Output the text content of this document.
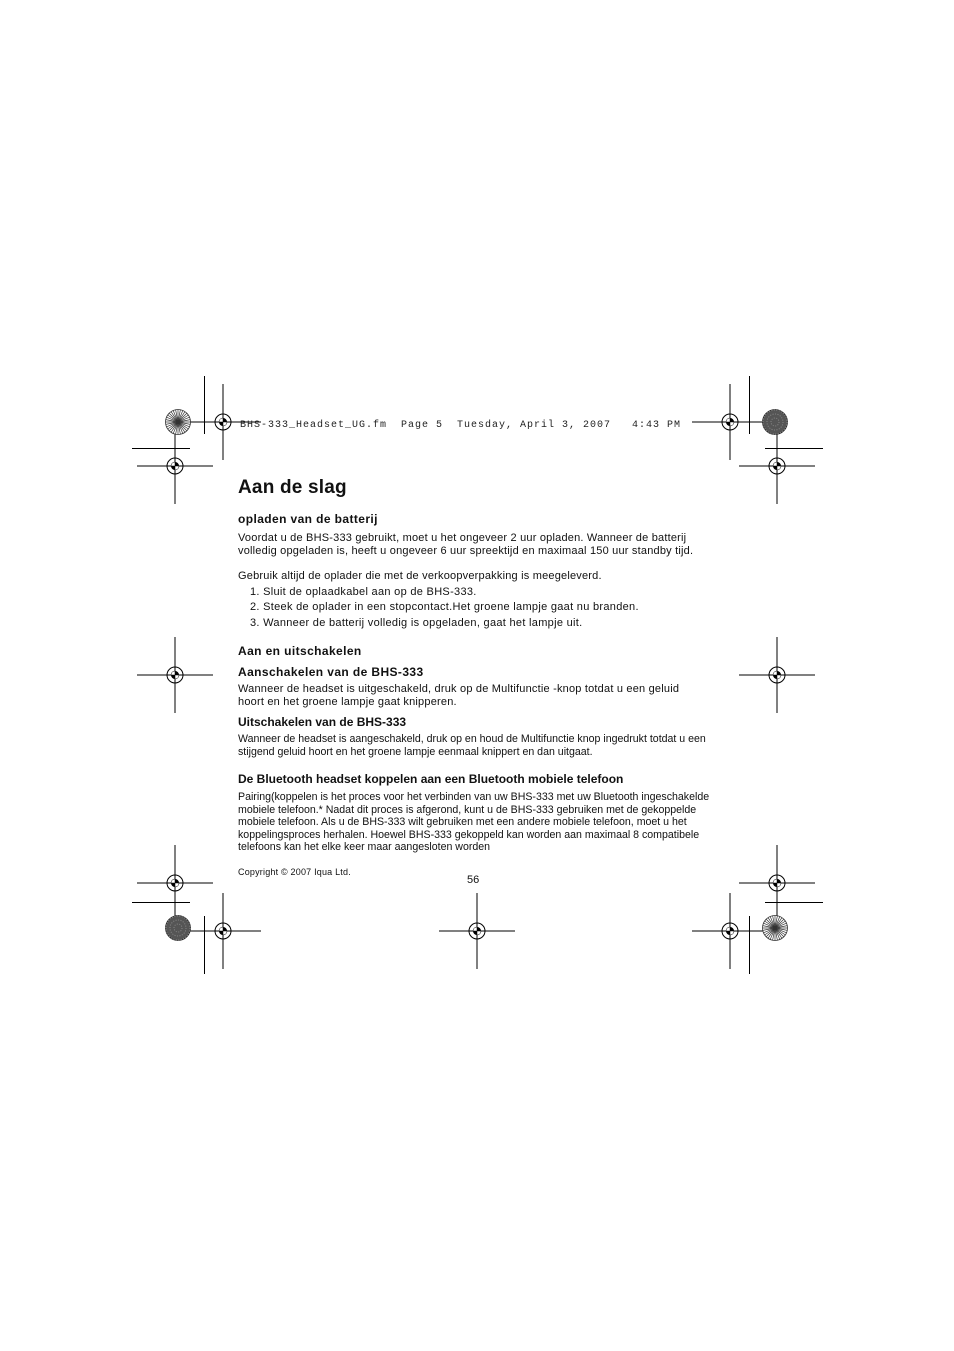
BHS-333_Headset_UG.fm  Page 5  Tuesday, April 3, 2007   4:43 PM
Aan de slag
opladen van de batterij
Voordat u de BHS-333 gebruikt, moet u het ongeveer 2 uur opladen. Wanneer de batterij volledig opgeladen is, heeft u ongeveer 6 uur spreektijd en maximaal 150 uur standby tijd.
Gebruik altijd de oplader die met de verkoopverpakking is meegeleverd.
1. Sluit de oplaadkabel aan op de BHS-333.
2. Steek de oplader in een stopcontact.Het groene lampje gaat nu branden.
3. Wanneer de batterij volledig is opgeladen, gaat het lampje uit.
Aan en uitschakelen
Aanschakelen van de BHS-333
Wanneer de headset is uitgeschakeld, druk op de Multifunctie -knop totdat u een geluid hoort en het groene lampje gaat knipperen.
Uitschakelen van de BHS-333
Wanneer de headset is aangeschakeld, druk op en houd de Multifunctie knop ingedrukt totdat u een stijgend geluid hoort en het groene lampje eenmaal knippert en dan uitgaat.
De Bluetooth headset koppelen aan een Bluetooth mobiele telefoon
Pairing(koppelen is het proces voor het verbinden van uw BHS-333 met uw Bluetooth ingeschakelde mobiele telefoon.* Nadat dit proces is afgerond, kunt u de BHS-333 gebruiken met de gekoppelde mobiele telefoon. Als u de BHS-333 wilt gebruiken met een andere mobiele telefoon, moet u het koppelingsproces herhalen. Hoewel BHS-333 gekoppeld kan worden aan maximaal 8 compatibele telefoons kan het elke keer maar aangesloten worden
Copyright © 2007 Iqua Ltd.
56
